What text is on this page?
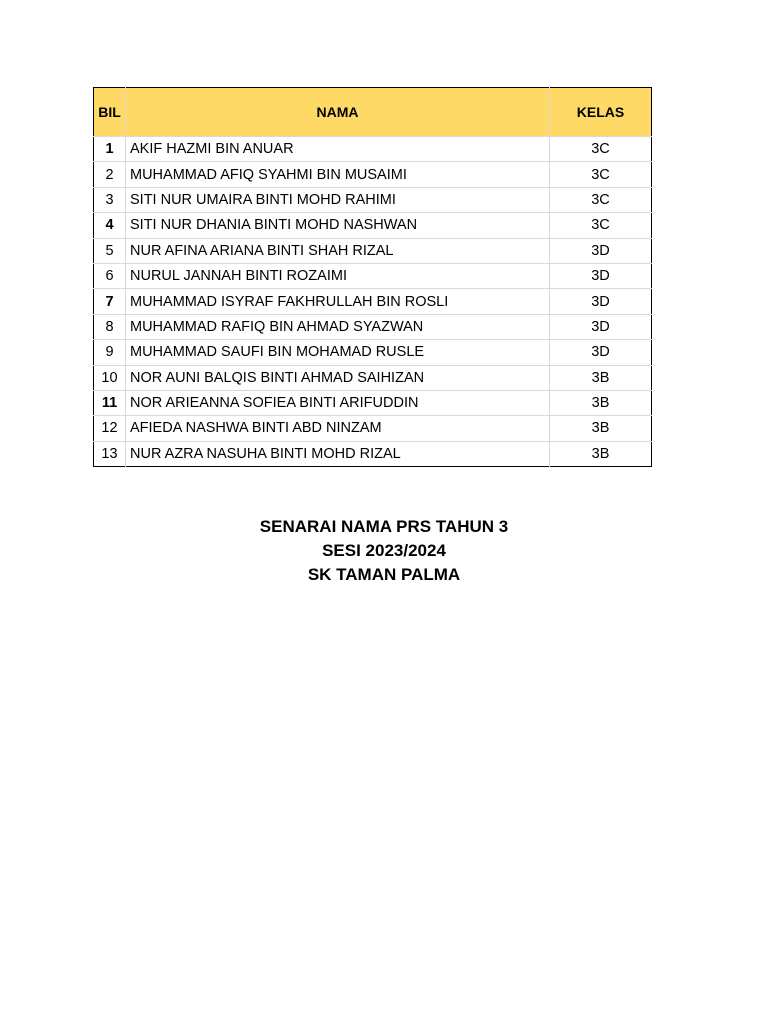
BIL	NAMA	KELAS
1	AKIF HAZMI BIN ANUAR	3C
2	MUHAMMAD AFIQ SYAHMI BIN MUSAIMI	3C
3	SITI NUR UMAIRA BINTI MOHD RAHIMI	3C
4	SITI NUR DHANIA BINTI MOHD NASHWAN	3C
5	NUR AFINA ARIANA BINTI SHAH RIZAL	3D
6	NURUL JANNAH BINTI ROZAIMI	3D
7	MUHAMMAD ISYRAF FAKHRULLAH BIN ROSLI	3D
8	MUHAMMAD RAFIQ BIN AHMAD SYAZWAN	3D
9	MUHAMMAD SAUFI BIN MOHAMAD RUSLE	3D
10	NOR AUNI BALQIS BINTI AHMAD SAIHIZAN	3B
11	NOR ARIEANNA SOFIEA BINTI ARIFUDDIN	3B
12	AFIEDA NASHWA BINTI ABD NINZAM	3B
13	NUR AZRA NASUHA BINTI MOHD RIZAL	3B
SENARAI NAMA PRS TAHUN 3
SESI 2023/2024
SK TAMAN PALMA
